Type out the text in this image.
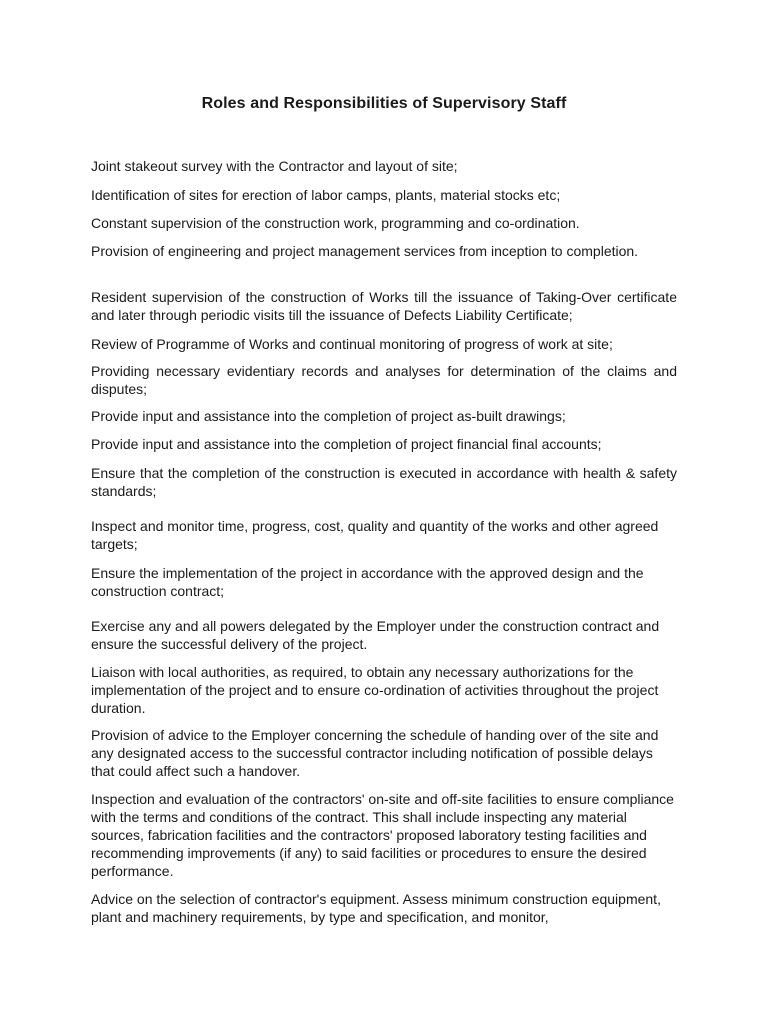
Roles and Responsibilities of Supervisory Staff

Joint stakeout survey with the Contractor and layout of site;

Identification of sites for erection of labor camps, plants, material stocks etc;

Constant supervision of the construction work, programming and co-ordination.

Provision of engineering and project management services from inception to completion.

Resident supervision of the construction of Works till the issuance of Taking-Over certificate and later through periodic visits till the issuance of Defects Liability Certificate;

Review of Programme of Works and continual monitoring of progress of work at site;

Providing necessary evidentiary records and analyses for determination of the claims and disputes;

Provide input and assistance into the completion of project as-built drawings;

Provide input and assistance into the completion of project financial final accounts;

Ensure that the completion of the construction is executed in accordance with health & safety standards;

Inspect and monitor time, progress, cost, quality and quantity of the works and other agreed targets;

Ensure the implementation of the project in accordance with the approved design and the construction contract;

Exercise any and all powers delegated by the Employer under the construction contract and ensure the successful delivery of the project.

Liaison with local authorities, as required, to obtain any necessary authorizations for the implementation of the project and to ensure co-ordination of activities throughout the project duration.

Provision of advice to the Employer concerning the schedule of handing over of the site and any designated access to the successful contractor including notification of possible delays that could affect such a handover.

Inspection and evaluation of the contractors' on-site and off-site facilities to ensure compliance with the terms and conditions of the contract. This shall include inspecting any material sources, fabrication facilities and the contractors' proposed laboratory testing facilities and recommending improvements (if any) to said facilities or procedures to ensure the desired performance.

Advice on the selection of contractor's equipment. Assess minimum construction equipment, plant and machinery requirements, by type and specification, and monitor,
